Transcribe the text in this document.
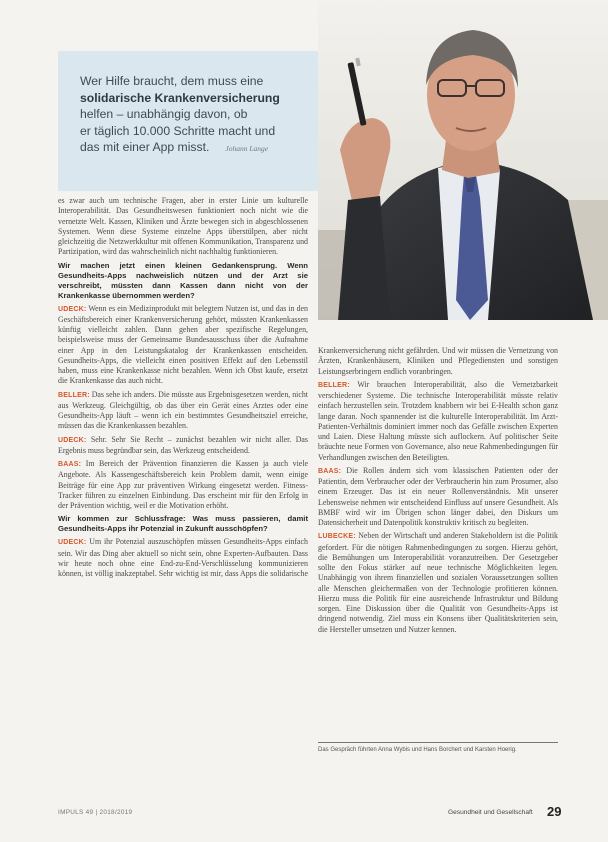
Wer Hilfe braucht, dem muss eine
solidarische Krankenversicherung
helfen – unabhängig davon, ob
er täglich 10.000 Schritte macht und
das mit einer App misst. Johann Lange

es zwar auch um technische Fragen, aber in erster Linie um kulturelle Interoperabilität. Das Gesundheitswesen funktioniert noch nicht wie die vernetzte Welt. Kassen, Kliniken und Ärzte bewegen sich in abgeschlossenen Systemen. Wenn diese Systeme einzelne Apps überstülpen, aber nicht gleichzeitig die Netzwerkkultur mit offenen Kommunikation, Transparenz und Partizipation, wird das wahrscheinlich nicht nachhaltig funktionieren.

Wir machen jetzt einen kleinen Gedankensprung. Wenn Gesundheits-Apps nachweislich nützen und der Arzt sie verschreibt, müssten dann Kassen dann nicht von der Krankenkasse übernommen werden?

UDECK: Wenn es ein Medizinprodukt mit belegtem Nutzen ist, und das in den Geschäftsbereich einer Krankenversicherung gehört, müssten Krankenkassen künftig vielleicht zahlen. Dann gehen aber spezifische Regelungen, beispielsweise muss der Gemeinsame Bundesausschuss über die Aufnahme einer App in den Leistungskatalog der Krankenkassen entscheiden. Gesundheits-Apps, die vielleicht einen positiven Effekt auf den Lebensstil haben, muss eine Krankenkasse nicht bezahlen. Wenn ich Obst kaufe, ersetzt die Krankenkasse das auch nicht.

BELLER: Das sehe ich anders. Die müsste aus Ergebnisgesetzen werden, nicht aus Werkzeug. Gleichgültig, ob das über ein Gerät eines Arztes oder eine Gesundheits-App läuft – wenn ich ein bestimmtes Gesundheitsziel erreiche, müssen das die Krankenkassen bezahlen.

UDECK: Sehr. Sehr Sie Recht – zunächst bezahlen wir nicht aller. Das Ergebnis muss begründbar sein, das Werkzeug entscheidend.

BAAS: Im Bereich der Prävention finanzieren die Kassen ja auch viele Angebote. Als Kassengeschäftsbereich kein Problem damit, wenn einige Beiträge für eine App zur präventiven Wirkung eingesetzt werden. Fitness-Tracker führen zu einzelnen Einbindung. Das erscheint mir für den Erfolg in der Prävention wichtig, weil er die Motivation erhöht.

Wir kommen zur Schlussfrage: Was muss passieren, damit Gesundheits-Apps ihr Potenzial in Zukunft ausschöpfen?

UDECK: Um ihr Potenzial auszuschöpfen müssen Gesundheits-Apps einfach sein. Wir das Ding aber aktuell so nicht sein, ohne Experten-Aufbauten. Dass wir heute noch ohne eine End-zu-End-Verschlüsselung kommunizieren können, ist völlig inakzeptabel. Sehr wichtig ist mir, dass Apps die solidarische

Krankenversicherung nicht gefährden. Und wir müssen die Vernetzung von Ärzten, Krankenhäusern, Kliniken und Pflegediensten und sonstigen Leistungserbringern endlich voranbringen.

BELLER: Wir brauchen Interoperabilität, also die Vernetzbarkeit verschiedener Systeme. Die technische Interoperabilität müsste relativ einfach herzustellen sein. Trotzdem knabbern wir bei E-Health schon ganz lange daran. Noch spannender ist die kulturelle Interoperabilität. Im Arzt-Patienten-Verhältnis dominiert immer noch das Gefälle zwischen Experten und Laien. Diese Haltung müsste sich auflockern. Auf politischer Seite bräuchte neue Formen von Governance, also neue Rahmenbedingungen für Verhandlungen zwischen den Beteiligten.

BAAS: Die Rollen ändern sich vom klassischen Patienten oder der Patientin, dem Verbraucher oder der Verbraucherin hin zum Prosumer, also einem Erzeuger. Das ist ein neuer Rollenverständnis. Mit unserer Lebensweise nehmen wir entscheidend Einfluss auf unsere Gesundheit. Als BMBF wird wir im Übrigen schon länger dabei, den Diskurs um Datensicherheit und Datenpolitik konstruktiv kritisch zu begleiten.

LUBECKE: Neben der Wirtschaft und anderen Stakeholdern ist die Politik gefordert. Für die nötigen Rahmenbedingungen zu sorgen. Hierzu gehört, die Bemühungen um Interoperabilität voranzutreiben. Der Gesetzgeber sollte den Fokus stärker auf neue technische Möglichkeiten legen. Unabhängig von ihrem finanziellen und sozialen Voraussetzungen sollten alle Menschen gleichermaßen von der Technologie profitieren können. Hierzu muss die Politik für eine ausreichende Infrastruktur und Bildung sorgen. Eine Diskussion über die Qualität von Gesundheits-Apps ist dringend notwendig. Ziel muss ein Konsens über Qualitätskriterien sein, die Hersteller umsetzen und Nutzer kennen.

Das Gespräch führten Anna Wybis und Hans Borchert und Karsten Hoerig.
IMPULS 49 | 2018/2019	Gesundheit und Gesellschaft 29
